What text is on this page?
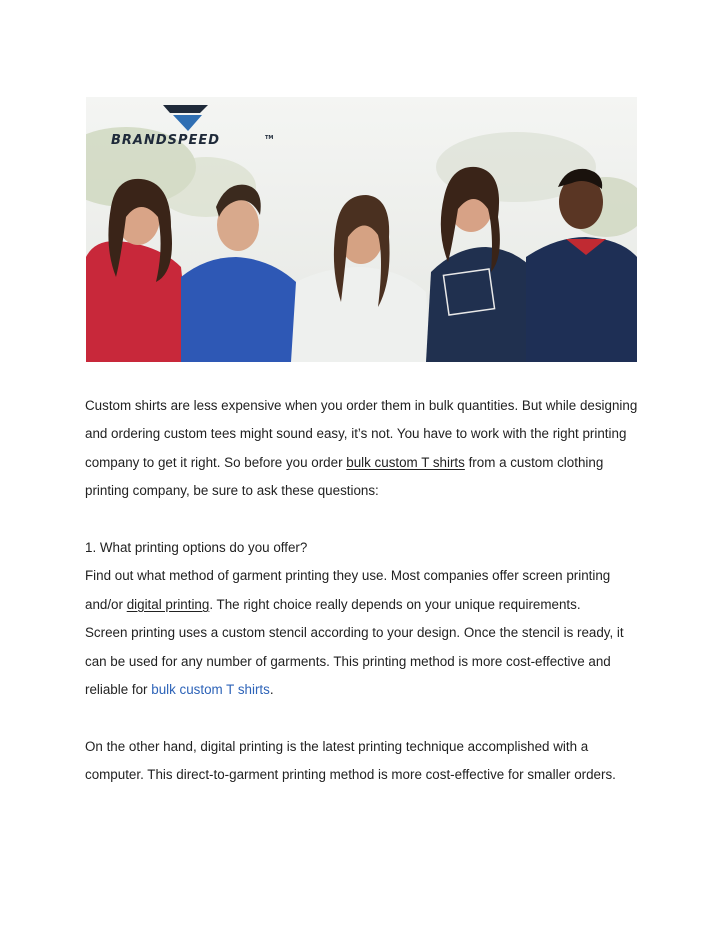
BRANDSPEED	TM

Custom shirts are less expensive when you order them in bulk quantities. But while designing and ordering custom tees might sound easy, it’s not. You have to work with the right printing company to get it right. So before you order bulk custom T shirts from a custom clothing printing company, be sure to ask these questions:

1. What printing options do you offer?

Find out what method of garment printing they use. Most companies offer screen printing and/or digital printing. The right choice really depends on your unique requirements.

Screen printing uses a custom stencil according to your design. Once the stencil is ready, it can be used for any number of garments. This printing method is more cost-effective and reliable for bulk custom T shirts.

On the other hand, digital printing is the latest printing technique accomplished with a computer. This direct-to-garment printing method is more cost-effective for smaller orders.
